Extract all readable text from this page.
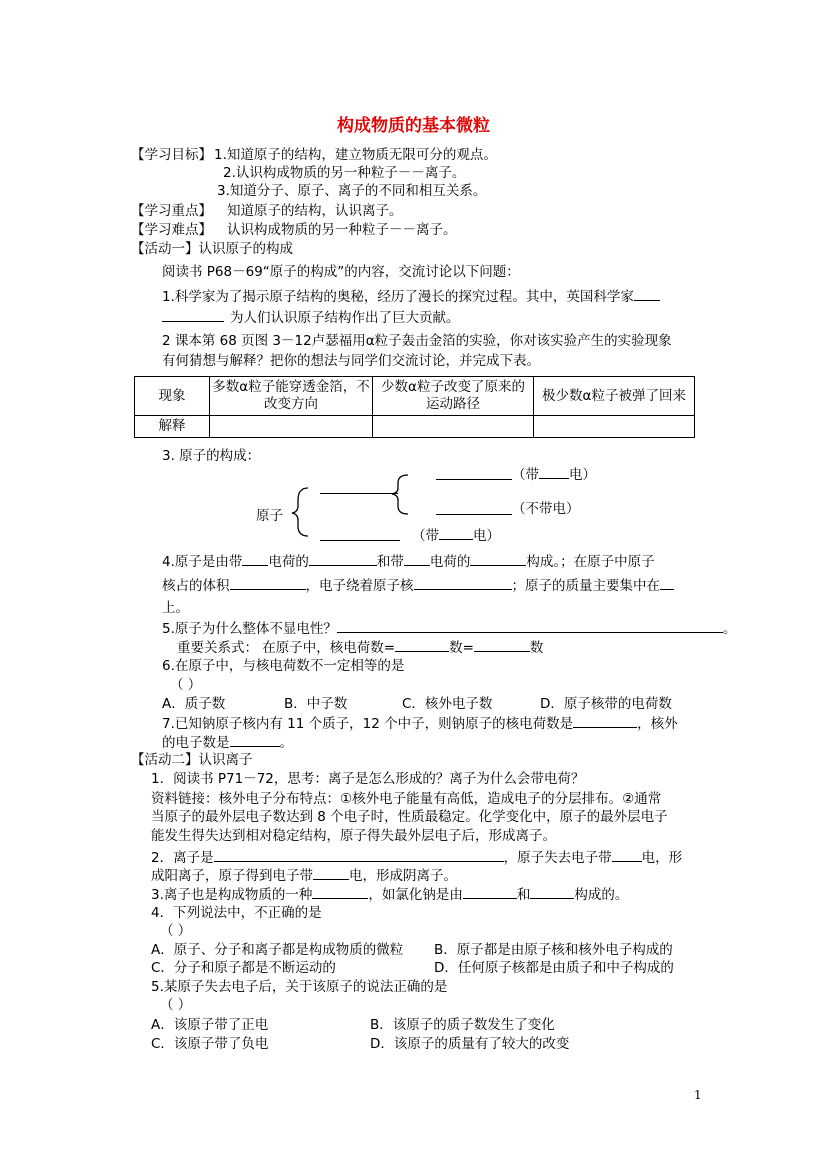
构成物质的基本微粒
【学习目标】 1.知道原子的结构，建立物质无限可分的观点。
2.认识构成物质的另一种粒子－－离子。
3.知道分子、原子、离子的不同和相互关系。
【学习重点】 知道原子的结构，认识离子。
【学习难点】 认识构成物质的另一种粒子－－离子。
【活动一】认识原子的构成
阅读书 P68－69“原子的构成”的内容，交流讨论以下问题：
1.科学家为了揭示原子结构的奥秘，经历了漫长的探究过程。其中，英国科学家
为人们认识原子结构作出了巨大贡献。
2 课本第 68 页图 3－12卢瑟福用α粒子轰击金箔的实验，你对该实验产生的实验现象
有何猜想与解释？把你的想法与同学们交流讨论，并完成下表。
现象	多数α粒子能穿透金箔，不改变方向	少数α粒子改变了原来的运动路径	极少数α粒子被弹了回来
解释			
3. 原子的构成：
原子
（带 电）
（不带电）
（带	电）
4.原子是由带 电荷的	和带 电荷的	构成。；在原子中原子
核占的体积	，电子绕着原子核	；原子的质量主要集中在
上。
5.原子为什么整体不显电性？	。
重要关系式： 在原子中，核电荷数=	数=	数
6.在原子中，与核电荷数不一定相等的是
（ ）
A．质子数	B．中子数	C．核外电子数	D．原子核带的电荷数
7.已知钠原子核内有 11 个质子，12 个中子，则钠原子的核电荷数是	，核外
的电子数是	。
【活动二】认识离子
1．阅读书 P71－72，思考：离子是怎么形成的？离子为什么会带电荷？
资料链接：核外电子分布特点：①核外电子能量有高低，造成电子的分层排布。②通常
当原子的最外层电子数达到 8 个电子时，性质最稳定。化学变化中，原子的最外层电子
能发生得失达到相对稳定结构，原子得失最外层电子后，形成离子。
2．离子是	，原子失去电子带 电，形
成阳离子，原子得到电子带	电，形成阴离子。
3.离子也是构成物质的一种	，如氯化钠是由	和	构成的。
4．下列说法中，不正确的是
（ ）
A．原子、分子和离子都是构成物质的微粒 B．原子都是由原子核和核外电子构成的
C．分子和原子都是不断运动的	D．任何原子核都是由质子和中子构成的
5.某原子失去电子后，关于该原子的说法正确的是
（ ）
A．该原子带了正电	B．该原子的质子数发生了变化
C．该原子带了负电	D．该原子的质量有了较大的改变
1
